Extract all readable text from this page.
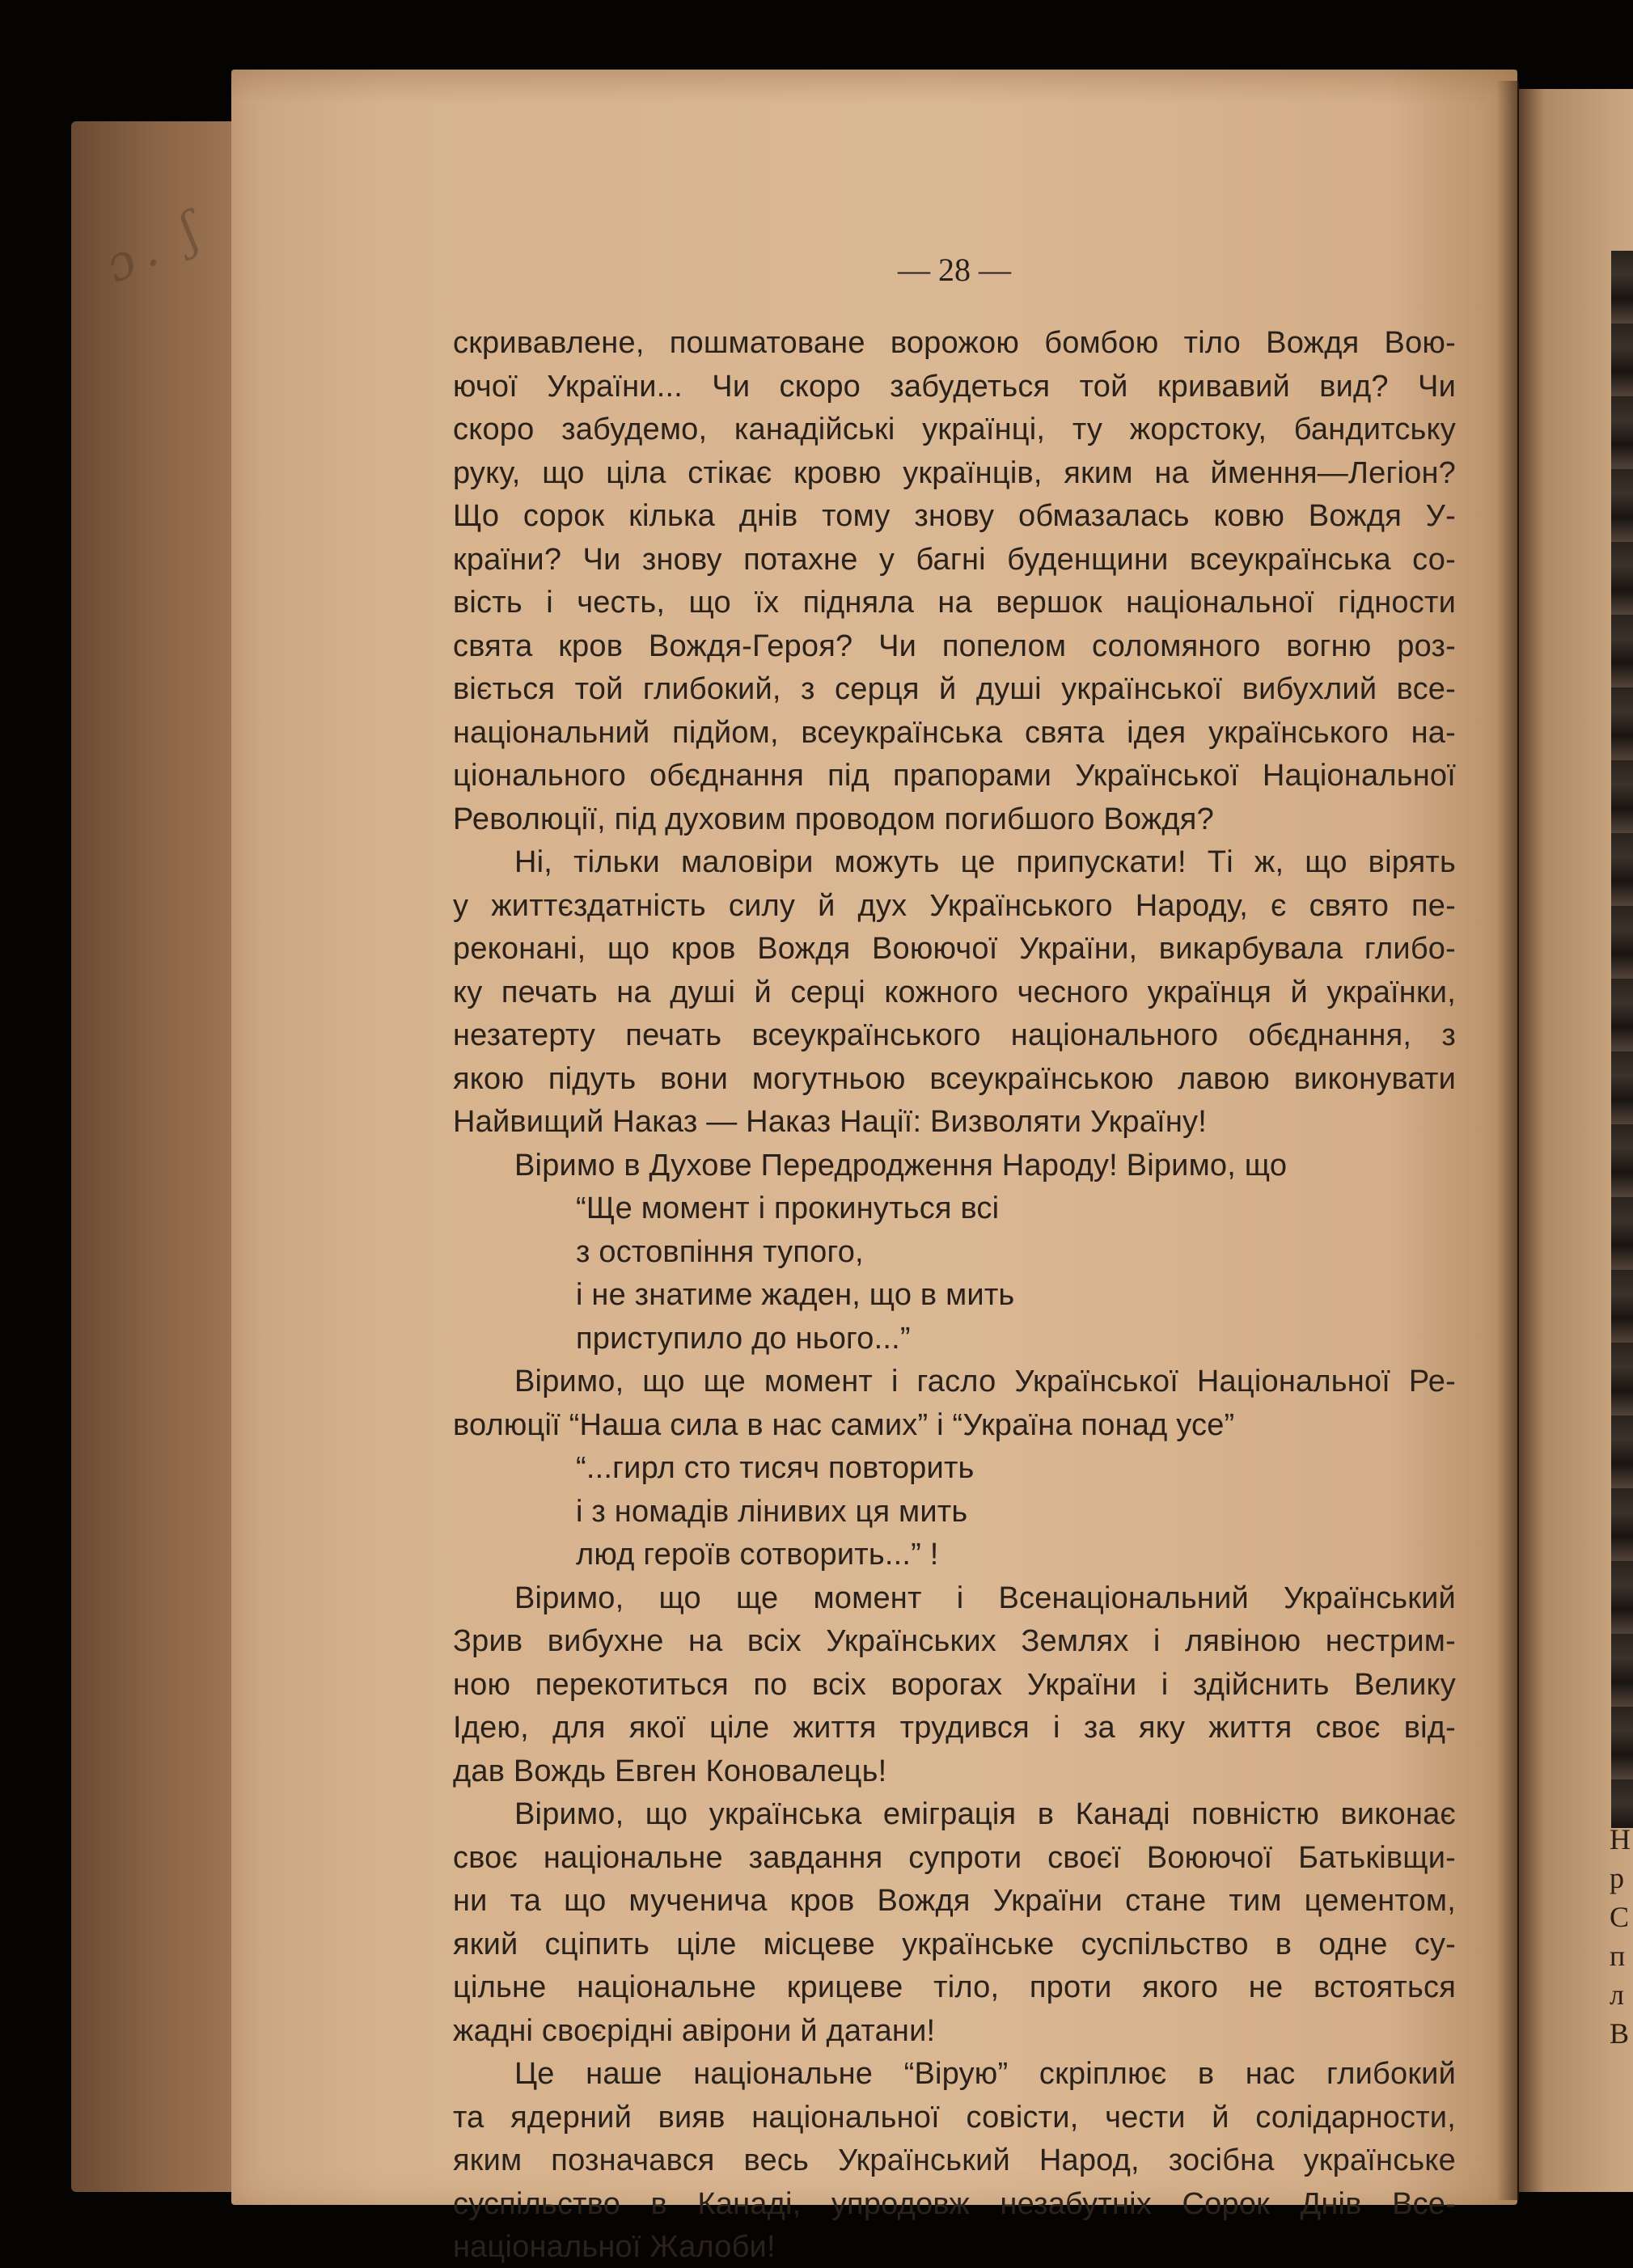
ɔ. ʃ
Н
р
С
п
л
В
— 28 —
скривавлене, пошматоване ворожою бомбою тіло Вождя Вою-
ючої України... Чи скоро забудеться той кривавий вид? Чи
скоро забудемо, канадійські українці, ту жорстоку, бандитську
руку, що ціла стікає кровю українців, яким на ймення—Легіон?
Що сорок кілька днів тому знову обмазалась ковю Вождя У-
країни? Чи знову потахне у багні буденщини всеукраїнська со-
вість і честь, що їх підняла на вершок національної гідности
свята кров Вождя-Героя? Чи попелом соломяного вогню роз-
віється той глибокий, з серця й душі української вибухлий все-
національний підйом, всеукраїнська свята ідея українського на-
ціонального обєднання під прапорами Української Національної
Революції, під духовим проводом погибшого Вождя?
Ні, тільки маловіри можуть це припускати! Ті ж, що вірять
у життєздатність силу й дух Українського Народу, є свято пе-
реконані, що кров Вождя Воюючої України, викарбувала глибо-
ку печать на душі й серці кожного чесного українця й українки,
незатерту печать всеукраїнського національного обєднання, з
якою підуть вони могутньою всеукраїнською лавою виконувати
Найвищий Наказ — Наказ Нації: Визволяти Україну!
Віримо в Духове Передродження Народу! Віримо, що
“Ще момент і прокинуться всі
з остовпіння тупого,
і не знатиме жаден, що в мить
приступило до нього...”
Віримо, що ще момент і гасло Української Національної Ре-
волюції “Наша сила в нас самих” і “Україна понад усе”
“...гирл сто тисяч повторить
і з номадів лінивих ця мить
люд героїв сотворить...” !
Віримо, що ще момент і Всенаціональний Український
Зрив вибухне на всіх Українських Землях і лявіною нестрим-
ною перекотиться по всіх ворогах України і здійснить Велику
Ідею, для якої ціле життя трудився і за яку життя своє від-
дав Вождь Евген Коновалець!
Віримо, що українська еміграція в Канаді повністю виконає
своє національне завдання супроти своєї Воюючої Батьківщи-
ни та що мученича кров Вождя України стане тим цементом,
який сціпить ціле місцеве українське суспільство в одне су-
цільне національне крицеве тіло, проти якого не встояться
жадні своєрідні авірони й датани!
Це наше національне “Вірую” скріплює в нас глибокий
та ядерний вияв національної совісти, чести й солідарности,
яким позначався весь Український Народ, зосібна українське
суспільство в Канаді, упродовж незабутніх Сорок Днів Все-
національної Жалоби!
